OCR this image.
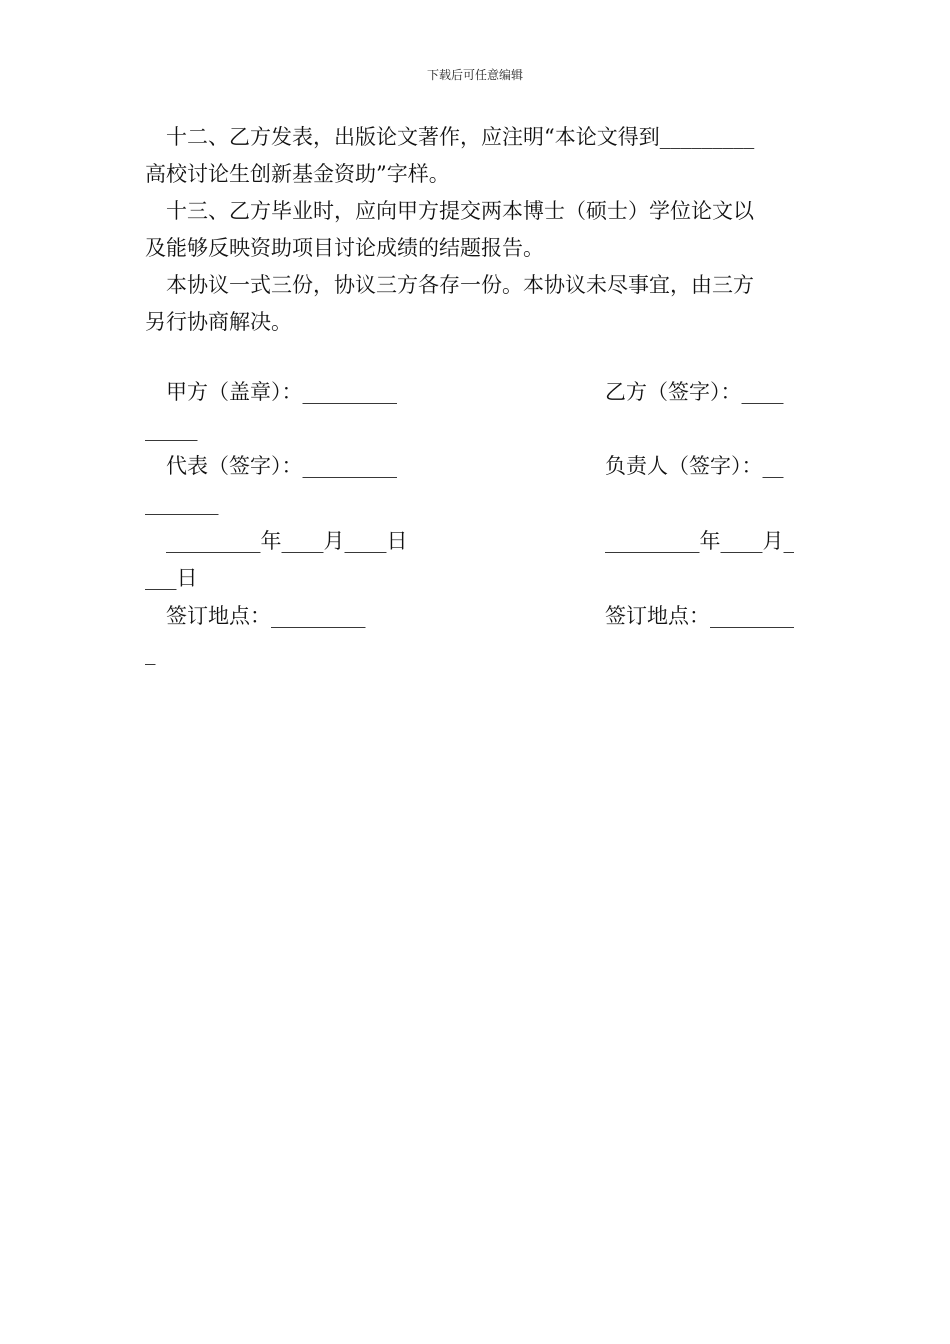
下载后可任意编辑
　十二、乙方发表，出版论文著作，应注明“本论文得到_________
高校讨论生创新基金资助”字样。
　十三、乙方毕业时，应向甲方提交两本博士（硕士）学位论文以
及能够反映资助项目讨论成绩的结题报告。
　本协议一式三份，协议三方各存一份。本协议未尽事宜，由三方
另行协商解决。
　甲方（盖章）：_________	乙方（签字）：____
_____
　代表（签字）：_________	负责人（签字）：__
_______
　_________年____月____日	_________年____月_
___日
　签订地点：_________	签订地点：________
_
